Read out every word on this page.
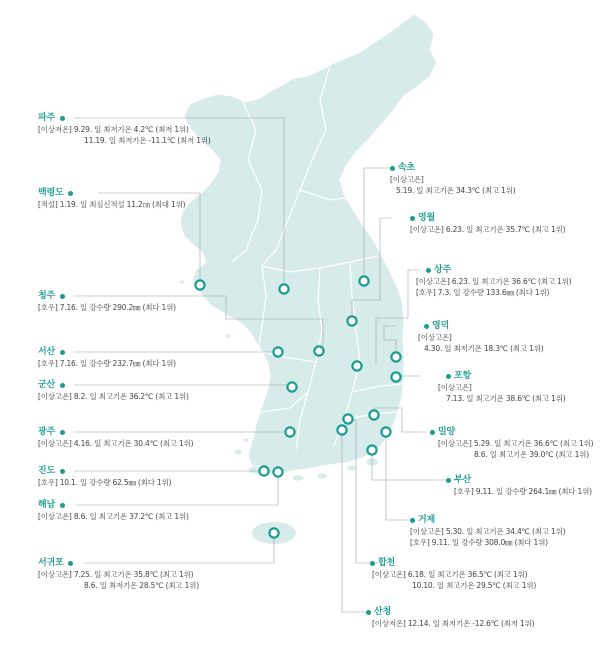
파주
[이상저온] 9.29. 일 최저기온 4.2℃ (최저 1위)
11.19. 일 최저기온 -11.1℃ (최저 1위)
백령도
[적설] 1.19. 일 최심신적설 11.2㎝ (최대 1위)
청주
[호우] 7.16. 일 강수량 290.2㎜ (최다 1위)
서산
[호우] 7.16. 일 강수량 232.7㎜ (최다 1위)
군산
[이상고온] 8.2. 일 최고기온 36.2℃ (최고 1위)
광주
[이상고온] 4.16. 일 최고기온 30.4℃ (최고 1위)
진도
[호우] 10.1. 일 강수량 62.5㎜ (최다 1위)
해남
[이상고온] 8.6. 일 최고기온 37.2℃ (최고 1위)
서귀포
[이상고온] 7.25. 일 최고기온 35.8℃ (최고 1위)
8.6. 일 최저기온 28.5℃ (최고 1위)
속초
[이상고온]
5.19. 일 최고기온 34.3℃ (최고 1위)
영월
[이상고온] 6.23. 일 최고기온 35.7℃ (최고 1위)
상주
[이상고온] 6.23. 일 최고기온 36.6℃ (최고 1위)
[호우] 7.3. 일 강수량 133.6㎜ (최다 1위)
영덕
[이상고온]
4.30. 일 최저기온 18.3℃ (최고 1위)
포항
[이상고온]
7.13. 일 최고기온 38.6℃ (최고 1위)
밀양
[이상고온] 5.29. 일 최고기온 36.6℃ (최고 1위)
8.6. 일 최고기온 39.0℃ (최고 1위)
부산
[호우] 9.11. 일 강수량 264.1㎜ (최다 1위)
거제
[이상고온] 5.30. 일 최고기온 34.4℃ (최고 1위)
[호우] 9.11. 일 강수량 308.0㎜ (최다 1위)
합천
[이상고온] 6.18. 일 최고기온 36.5℃ (최고 1위)
10.10. 일 최고기온 29.5℃ (최고 1위)
산청
[이상저온] 12.14. 일 최저기온 -12.6℃ (최저 1위)
